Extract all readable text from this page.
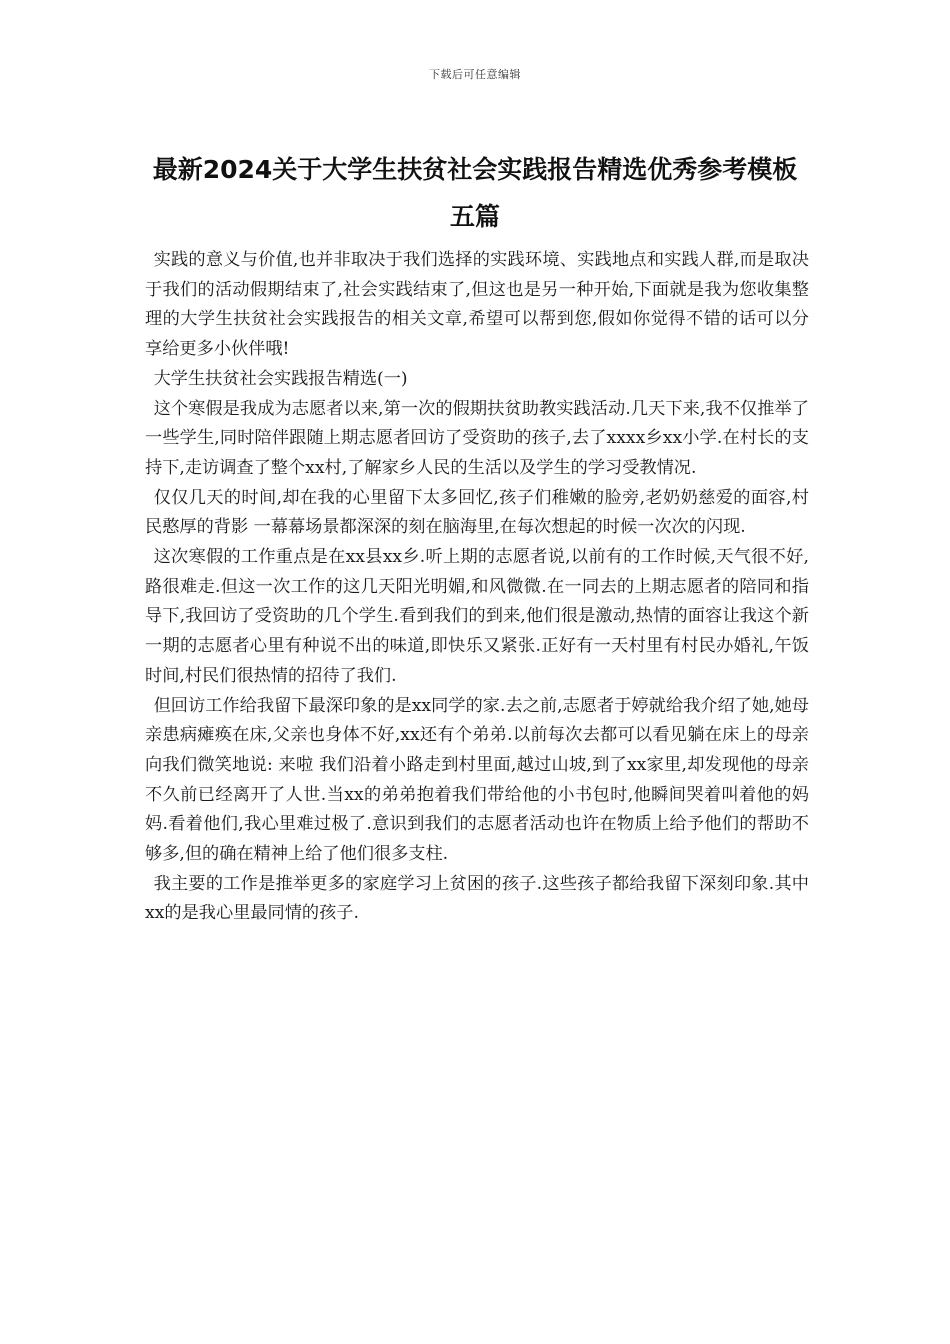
下载后可任意编辑
最新2024关于大学生扶贫社会实践报告精选优秀参考模板五篇

实践的意义与价值,也并非取决于我们选择的实践环境、实践地点和实践人群,而是取决于我们的活动假期结束了,社会实践结束了,但这也是另一种开始,下面就是我为您收集整理的大学生扶贫社会实践报告的相关文章,希望可以帮到您,假如你觉得不错的话可以分享给更多小伙伴哦!

大学生扶贫社会实践报告精选(一)

这个寒假是我成为志愿者以来,第一次的假期扶贫助教实践活动.几天下来,我不仅推举了一些学生,同时陪伴跟随上期志愿者回访了受资助的孩子,去了xxxx乡xx小学.在村长的支持下,走访调查了整个xx村,了解家乡人民的生活以及学生的学习受教情况.

仅仅几天的时间,却在我的心里留下太多回忆,孩子们稚嫩的脸旁,老奶奶慈爱的面容,村民憨厚的背影 一幕幕场景都深深的刻在脑海里,在每次想起的时候一次次的闪现.

这次寒假的工作重点是在xx县xx乡.听上期的志愿者说,以前有的工作时候,天气很不好,路很难走.但这一次工作的这几天阳光明媚,和风微微.在一同去的上期志愿者的陪同和指导下,我回访了受资助的几个学生.看到我们的到来,他们很是激动,热情的面容让我这个新一期的志愿者心里有种说不出的味道,即快乐又紧张.正好有一天村里有村民办婚礼,午饭时间,村民们很热情的招待了我们.

但回访工作给我留下最深印象的是xx同学的家.去之前,志愿者于婷就给我介绍了她,她母亲患病瘫痪在床,父亲也身体不好,xx还有个弟弟.以前每次去都可以看见躺在床上的母亲向我们微笑地说: 来啦 我们沿着小路走到村里面,越过山坡,到了xx家里,却发现他的母亲不久前已经离开了人世.当xx的弟弟抱着我们带给他的小书包时,他瞬间哭着叫着他的妈妈.看着他们,我心里难过极了.意识到我们的志愿者活动也许在物质上给予他们的帮助不够多,但的确在精神上给了他们很多支柱.

我主要的工作是推举更多的家庭学习上贫困的孩子.这些孩子都给我留下深刻印象.其中xx的是我心里最同情的孩子.
